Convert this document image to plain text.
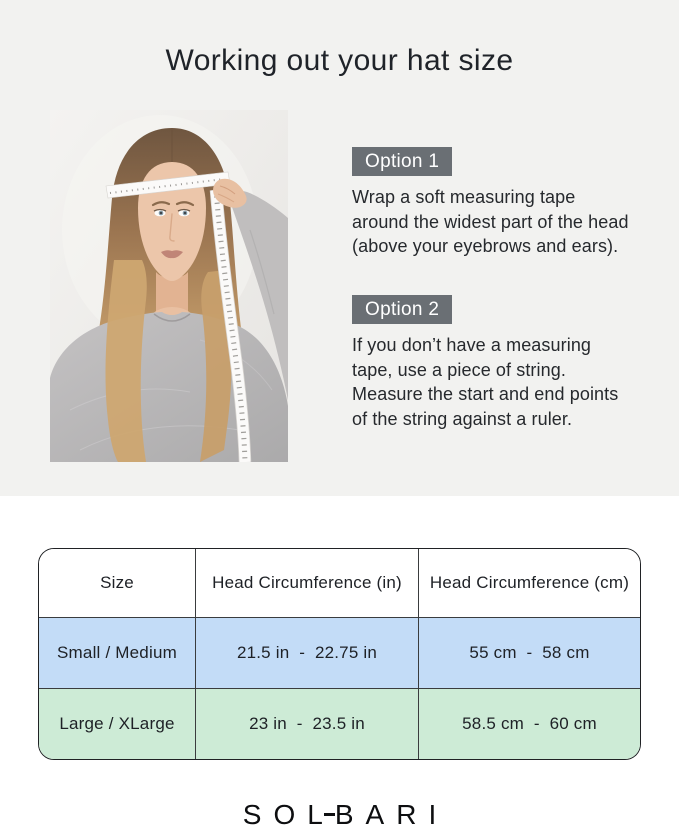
Working out your hat size
Option 1
Wrap a soft measuring tape
around the widest part of the head
(above your eyebrows and ears).
Option 2
If you don’t have a measuring
tape, use a piece of string.
Measure the start and end points
of the string against a ruler.
Size	Head Circumference (in)	Head Circumference (cm)
Small / Medium	21.5 in  -  22.75 in	55 cm  -  58 cm
Large / XLarge	23 in  -  23.5 in	58.5 cm  -  60 cm
S O L B A R I
